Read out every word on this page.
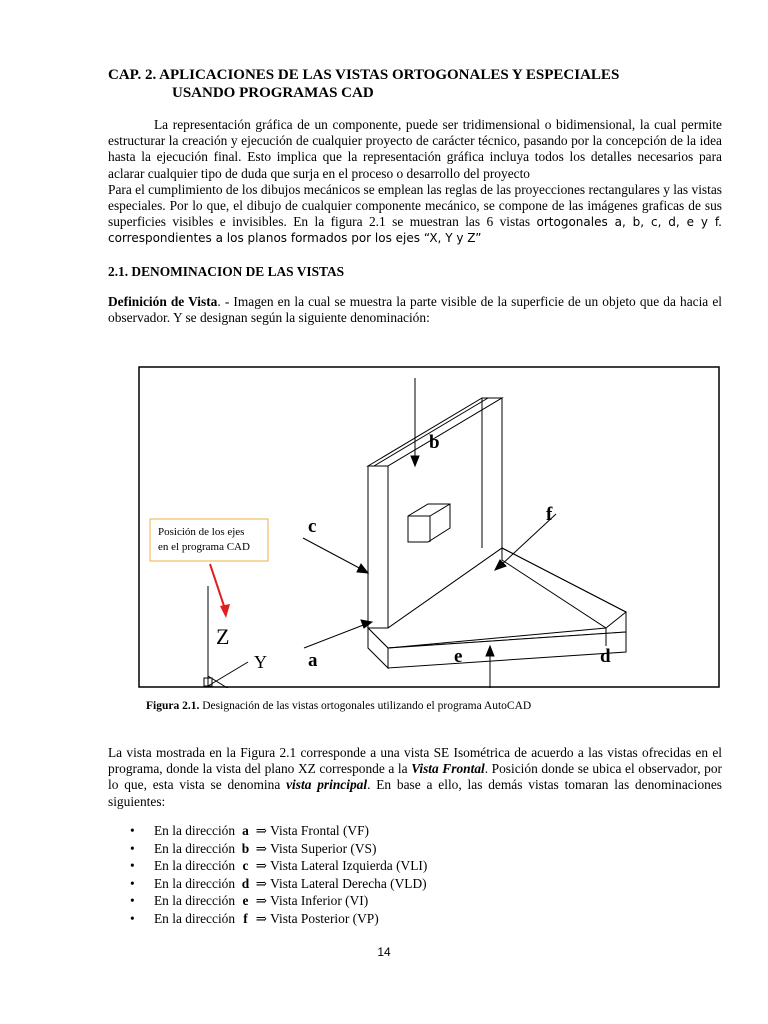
CAP. 2. APLICACIONES DE LAS VISTAS ORTOGONALES Y ESPECIALES
USANDO PROGRAMAS CAD

La representación gráfica de un componente, puede ser tridimensional o bidimensional, la cual permite estructurar la creación y ejecución de cualquier proyecto de carácter técnico, pasando por la concepción de la idea hasta la ejecución final. Esto implica que la representación gráfica incluya todos los detalles necesarios para aclarar cualquier tipo de duda que surja en el proceso o desarrollo del proyecto

Para el cumplimiento de los dibujos mecánicos se emplean las reglas de las proyecciones rectangulares y las vistas especiales. Por lo que, el dibujo de cualquier componente mecánico, se compone de las imágenes graficas de sus superficies visibles e invisibles. En la figura 2.1 se muestran las 6 vistas ortogonales a, b, c, d, e y f. correspondientes a los planos formados por los ejes “X, Y y Z”

2.1. DENOMINACION DE LAS VISTAS

Definición de Vista. - Imagen en la cual se muestra la parte visible de la superficie de un objeto que da hacia el observador. Y se designan según la siguiente denominación:

Z
Y
Posición de los ejes
en el programa CAD
b
c
f
a	e	d
Figura 2.1. Designación de las vistas ortogonales utilizando el programa AutoCAD

La vista mostrada en la Figura 2.1 corresponde a una vista SE Isométrica de acuerdo a las vistas ofrecidas en el programa, donde la vista del plano XZ corresponde a la Vista Frontal. Posición donde se ubica el observador, por lo que, esta vista se denomina vista principal. En base a ello, las demás vistas tomaran las denominaciones siguientes:

• En la dirección a ⇒ Vista Frontal (VF)
• En la dirección b ⇒ Vista Superior (VS)
• En la dirección c ⇒ Vista Lateral Izquierda (VLI)
• En la dirección d ⇒ Vista Lateral Derecha (VLD)
• En la dirección e ⇒ Vista Inferior (VI)
• En la dirección f ⇒ Vista Posterior (VP)
14
